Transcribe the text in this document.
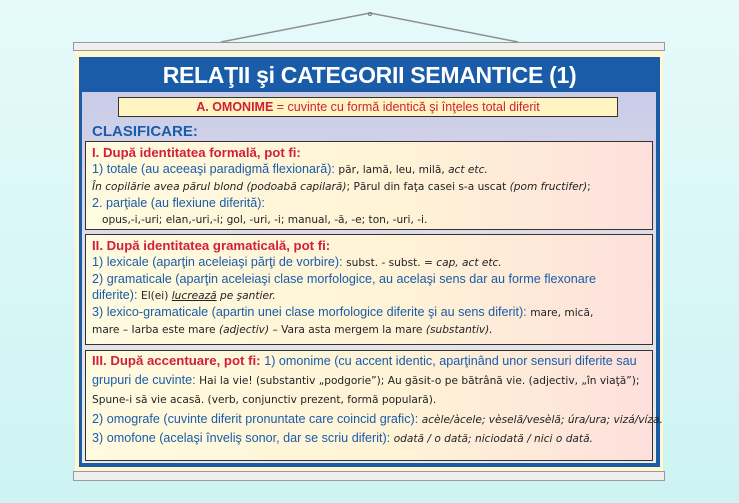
RELAŢII şi CATEGORII SEMANTICE (1)
A. OMONIME = cuvinte cu formă identică şi înţeles total diferit
CLASIFICARE:
I. După identitatea formală, pot fi:
1) totale (au aceeaşi paradigmă flexionară): păr, lamă, leu, milă, act etc.
În copilărie avea părul blond (podoabă capilară); Părul din faţa casei s-a uscat (pom fructifer);
2. parţiale (au flexiune diferită):
opus,-i,-uri; elan,-uri,-i; gol, -uri, -i; manual, -ă, -e; ton, -uri, -i.
II. După identitatea gramaticală, pot fi:
1) lexicale (aparţin aceleiaşi părţi de vorbire): subst. - subst. = cap, act etc.
2) gramaticale (aparţin aceleiaşi clase morfologice, au acelaşi sens dar au forme flexonare
diferite): El(ei) lucrează pe şantier.
3) lexico-gramaticale (apartin unei clase morfologice diferite şi au sens diferit): mare, mică,
mare – Iarba este mare (adjectiv) – Vara asta mergem la mare (substantiv).
III. După accentuare, pot fi: 1) omonime (cu accent identic, aparţinând unor sensuri diferite sau
grupuri de cuvinte: Hai la vie! (substantiv „podgorie”); Au găsit-o pe bătrână vie. (adjectiv, „în viaţă”);
Spune-i să vie acasă. (verb, conjunctiv prezent, formă populară).
2) omografe (cuvinte diferit pronuntate care coincid grafic): acèle/àcele; vèselă/vesèlă; úra/ura; vizá/víza.
3) omofone (acelaşi înveliş sonor, dar se scriu diferit): odată / o dată; niciodată / nici o dată.
